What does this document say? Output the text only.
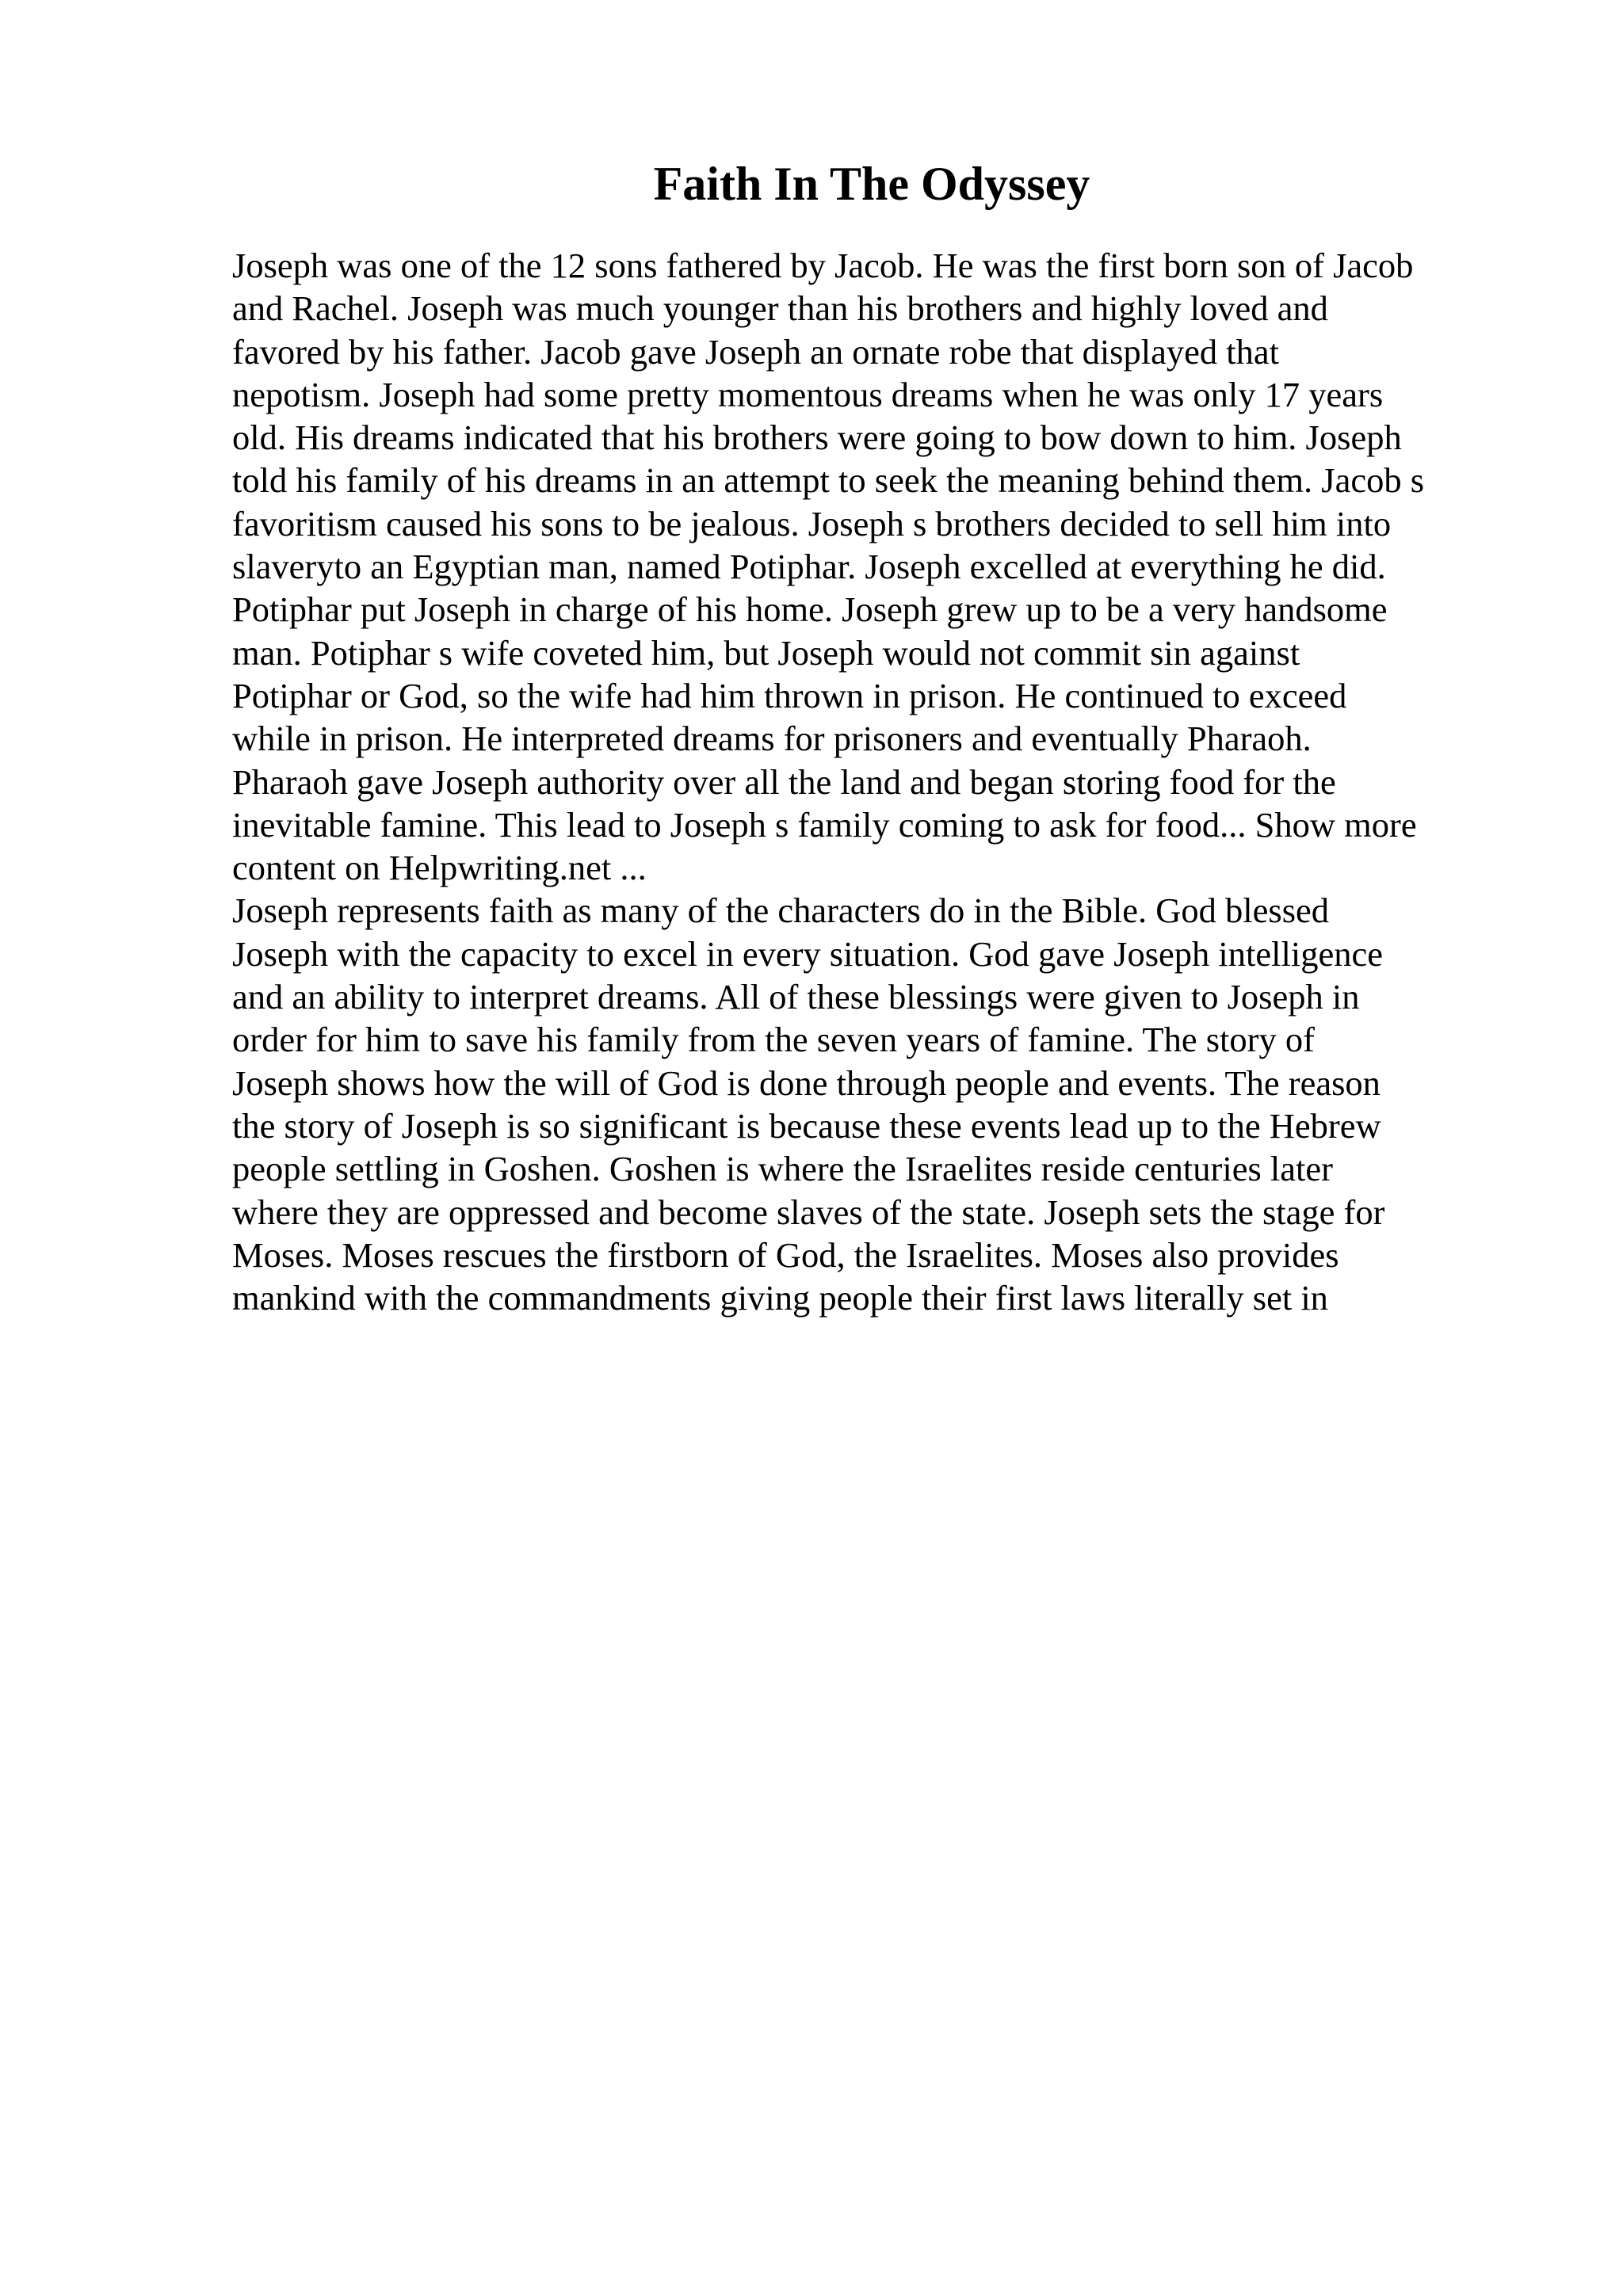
Faith In The Odyssey
Joseph was one of the 12 sons fathered by Jacob. He was the first born son of Jacob
and Rachel. Joseph was much younger than his brothers and highly loved and
favored by his father. Jacob gave Joseph an ornate robe that displayed that
nepotism. Joseph had some pretty momentous dreams when he was only 17 years
old. His dreams indicated that his brothers were going to bow down to him. Joseph
told his family of his dreams in an attempt to seek the meaning behind them. Jacob s
favoritism caused his sons to be jealous. Joseph s brothers decided to sell him into
slaveryto an Egyptian man, named Potiphar. Joseph excelled at everything he did.
Potiphar put Joseph in charge of his home. Joseph grew up to be a very handsome
man. Potiphar s wife coveted him, but Joseph would not commit sin against
Potiphar or God, so the wife had him thrown in prison. He continued to exceed
while in prison. He interpreted dreams for prisoners and eventually Pharaoh.
Pharaoh gave Joseph authority over all the land and began storing food for the
inevitable famine. This lead to Joseph s family coming to ask for food... Show more
content on Helpwriting.net ...
Joseph represents faith as many of the characters do in the Bible. God blessed
Joseph with the capacity to excel in every situation. God gave Joseph intelligence
and an ability to interpret dreams. All of these blessings were given to Joseph in
order for him to save his family from the seven years of famine. The story of
Joseph shows how the will of God is done through people and events. The reason
the story of Joseph is so significant is because these events lead up to the Hebrew
people settling in Goshen. Goshen is where the Israelites reside centuries later
where they are oppressed and become slaves of the state. Joseph sets the stage for
Moses. Moses rescues the firstborn of God, the Israelites. Moses also provides
mankind with the commandments giving people their first laws literally set in
